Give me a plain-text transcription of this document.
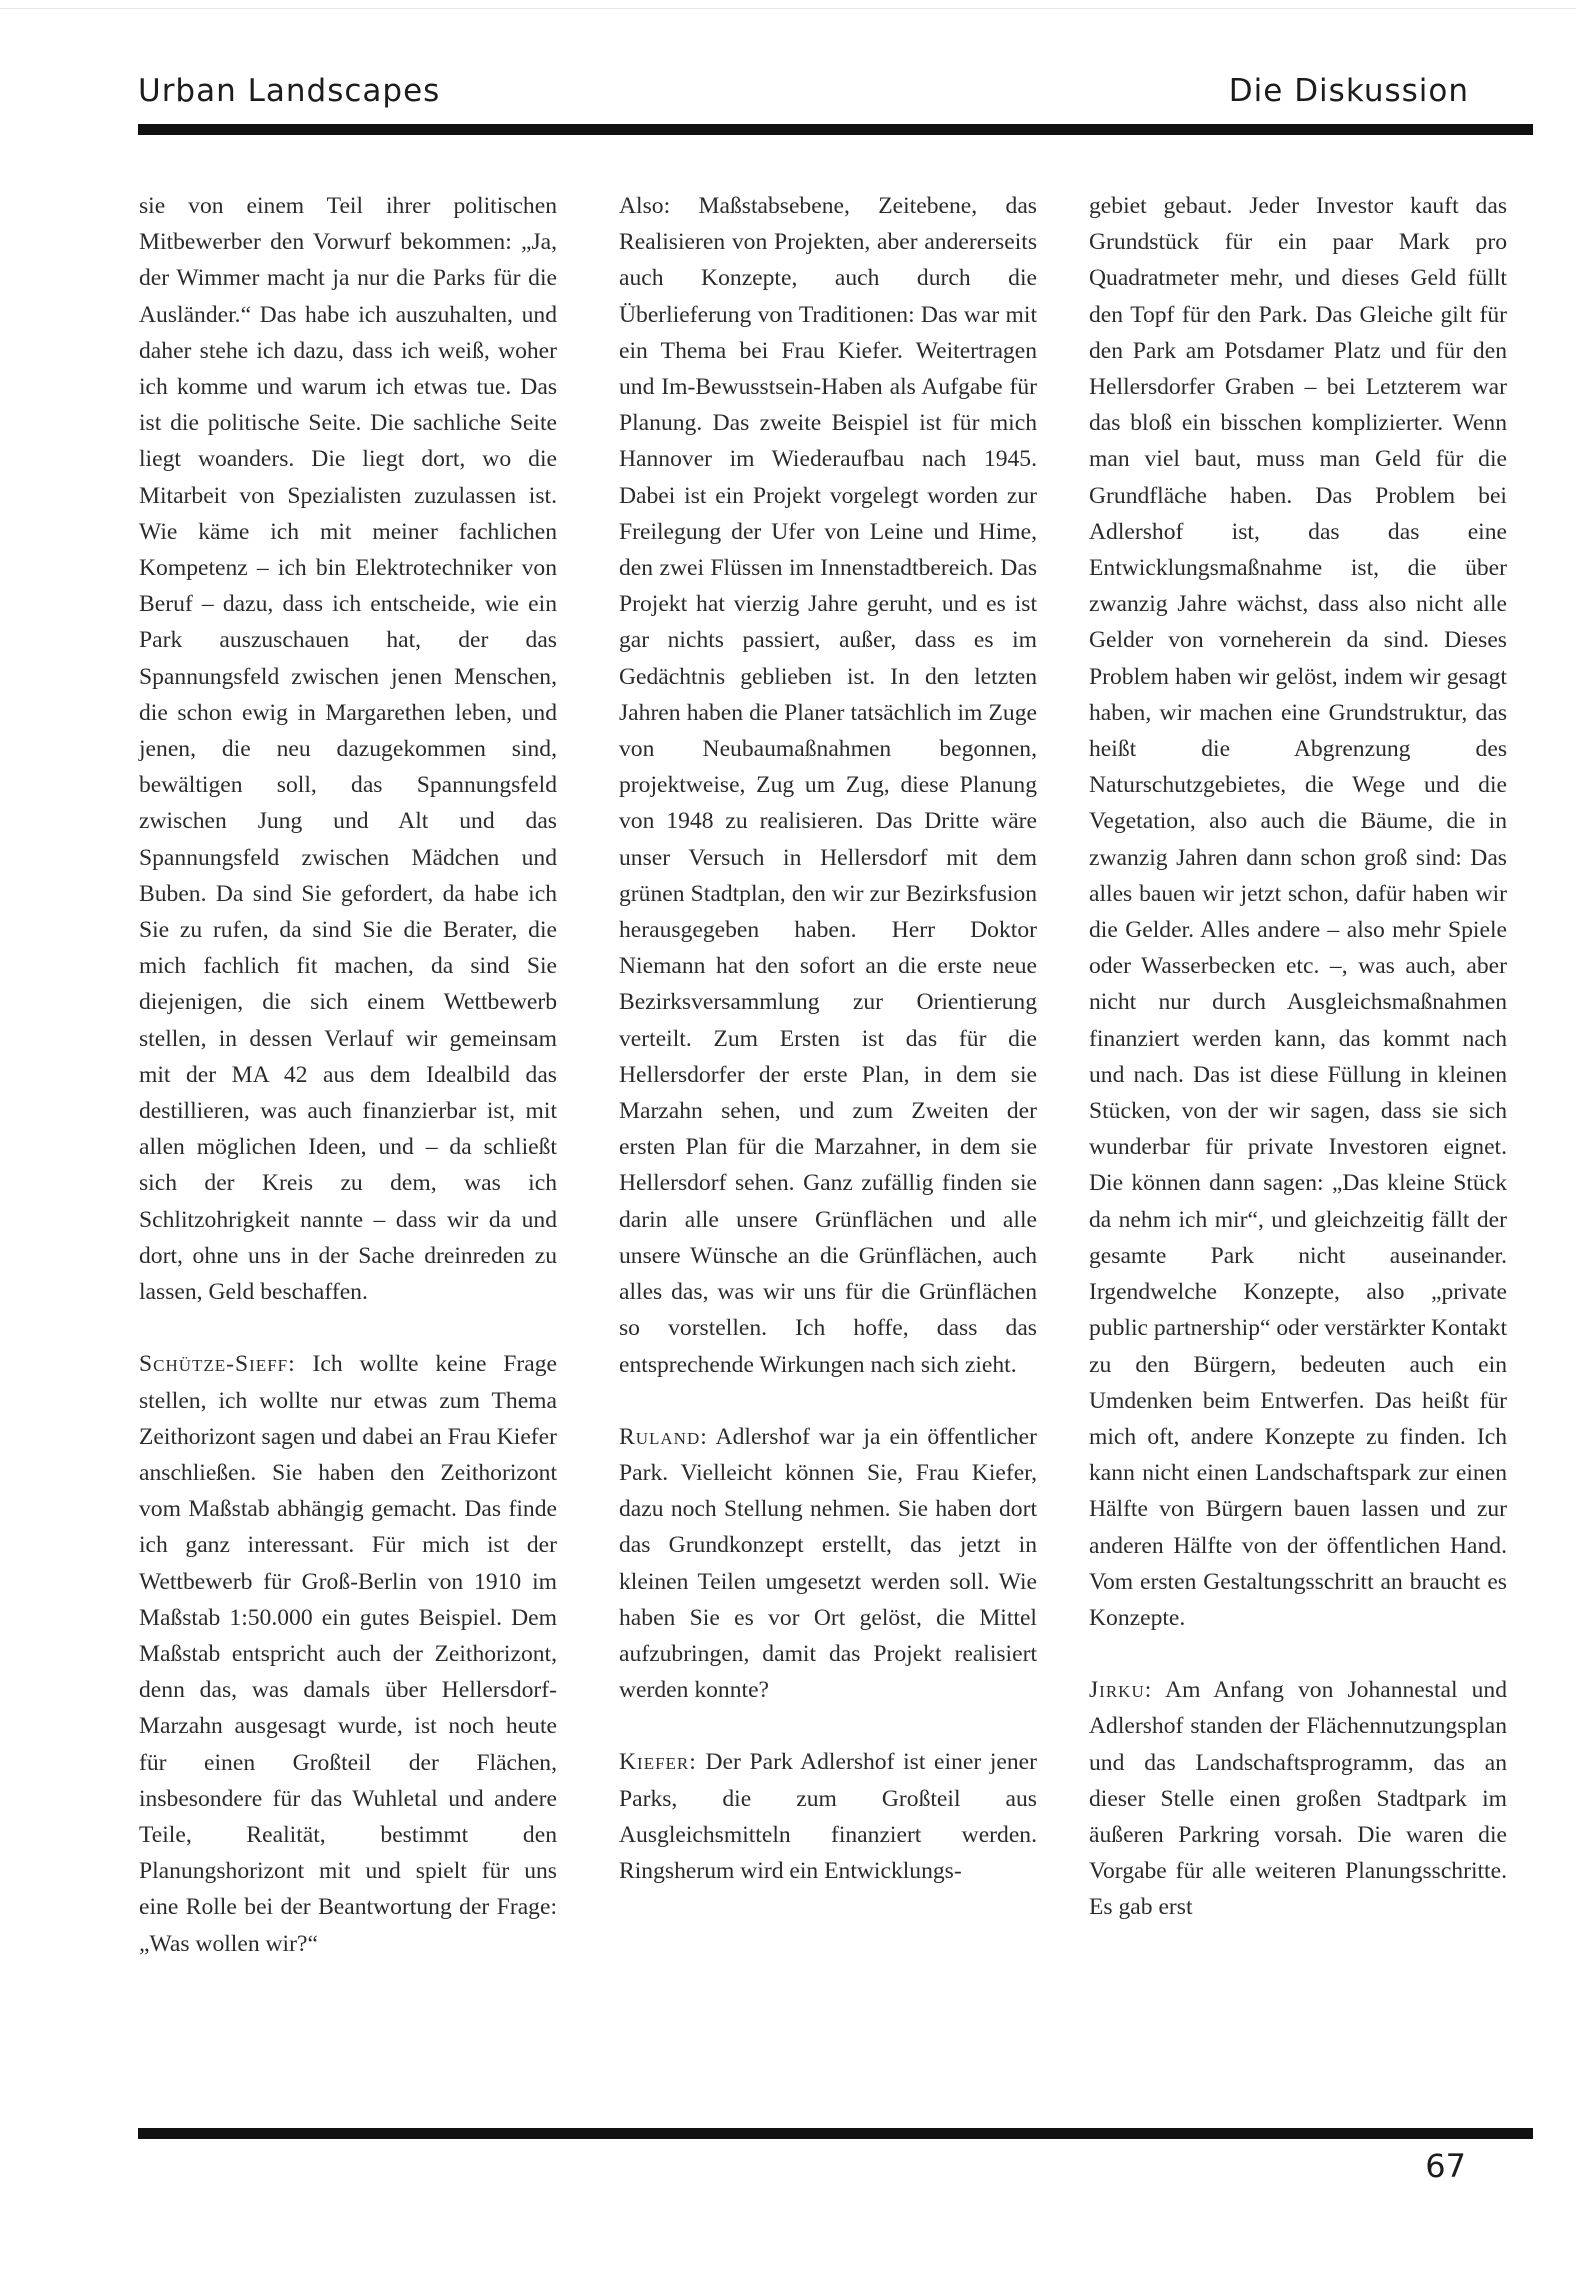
Urban Landscapes	Die Diskussion

sie von einem Teil ihrer politischen Mitbewerber den Vorwurf bekommen: „Ja, der Wimmer macht ja nur die Parks für die Ausländer.“ Das habe ich auszuhalten, und daher stehe ich dazu, dass ich weiß, woher ich komme und warum ich etwas tue. Das ist die politische Seite. Die sachliche Seite liegt woanders. Die liegt dort, wo die Mitarbeit von Spezialisten zuzulassen ist. Wie käme ich mit meiner fachlichen Kompetenz – ich bin Elektrotechniker von Beruf – dazu, dass ich entscheide, wie ein Park auszuschauen hat, der das Spannungsfeld zwischen jenen Menschen, die schon ewig in Margarethen leben, und jenen, die neu dazugekommen sind, bewältigen soll, das Spannungsfeld zwischen Jung und Alt und das Spannungsfeld zwischen Mädchen und Buben. Da sind Sie gefordert, da habe ich Sie zu rufen, da sind Sie die Berater, die mich fachlich fit machen, da sind Sie diejenigen, die sich einem Wettbewerb stellen, in dessen Verlauf wir gemeinsam mit der MA 42 aus dem Idealbild das destillieren, was auch finanzierbar ist, mit allen möglichen Ideen, und – da schließt sich der Kreis zu dem, was ich Schlitzohrigkeit nannte – dass wir da und dort, ohne uns in der Sache dreinreden zu lassen, Geld beschaffen.

Schütze-Sieff: Ich wollte keine Frage stellen, ich wollte nur etwas zum Thema Zeithorizont sagen und dabei an Frau Kiefer anschließen. Sie haben den Zeithorizont vom Maßstab abhängig gemacht. Das finde ich ganz interessant. Für mich ist der Wettbewerb für Groß-Berlin von 1910 im Maßstab 1:50.000 ein gutes Beispiel. Dem Maßstab entspricht auch der Zeithorizont, denn das, was damals über Hellersdorf-Marzahn ausgesagt wurde, ist noch heute für einen Großteil der Flächen, insbesondere für das Wuhletal und andere Teile, Realität, bestimmt den Planungshorizont mit und spielt für uns eine Rolle bei der Beantwortung der Frage: „Was wollen wir?“

Also: Maßstabsebene, Zeitebene, das Realisieren von Projekten, aber andererseits auch Konzepte, auch durch die Überlieferung von Traditionen: Das war mit ein Thema bei Frau Kiefer. Weitertragen und Im-Bewusstsein-Haben als Aufgabe für Planung. Das zweite Beispiel ist für mich Hannover im Wiederaufbau nach 1945. Dabei ist ein Projekt vorgelegt worden zur Freilegung der Ufer von Leine und Hime, den zwei Flüssen im Innenstadtbereich. Das Projekt hat vierzig Jahre geruht, und es ist gar nichts passiert, außer, dass es im Gedächtnis geblieben ist. In den letzten Jahren haben die Planer tatsächlich im Zuge von Neubaumaßnahmen begonnen, projektweise, Zug um Zug, diese Planung von 1948 zu realisieren. Das Dritte wäre unser Versuch in Hellersdorf mit dem grünen Stadtplan, den wir zur Bezirksfusion herausgegeben haben. Herr Doktor Niemann hat den sofort an die erste neue Bezirksversammlung zur Orientierung verteilt. Zum Ersten ist das für die Hellersdorfer der erste Plan, in dem sie Marzahn sehen, und zum Zweiten der ersten Plan für die Marzahner, in dem sie Hellersdorf sehen. Ganz zufällig finden sie darin alle unsere Grünflächen und alle unsere Wünsche an die Grünflächen, auch alles das, was wir uns für die Grünflächen so vorstellen. Ich hoffe, dass das entsprechende Wirkungen nach sich zieht.

Ruland: Adlershof war ja ein öffentlicher Park. Vielleicht können Sie, Frau Kiefer, dazu noch Stellung nehmen. Sie haben dort das Grundkonzept erstellt, das jetzt in kleinen Teilen umgesetzt werden soll. Wie haben Sie es vor Ort gelöst, die Mittel aufzubringen, damit das Projekt realisiert werden konnte?

Kiefer: Der Park Adlershof ist einer jener Parks, die zum Großteil aus Ausgleichsmitteln finanziert werden. Ringsherum wird ein Entwicklungs-

gebiet gebaut. Jeder Investor kauft das Grundstück für ein paar Mark pro Quadratmeter mehr, und dieses Geld füllt den Topf für den Park. Das Gleiche gilt für den Park am Potsdamer Platz und für den Hellersdorfer Graben – bei Letzterem war das bloß ein bisschen komplizierter. Wenn man viel baut, muss man Geld für die Grundfläche haben. Das Problem bei Adlershof ist, das das eine Entwicklungsmaßnahme ist, die über zwanzig Jahre wächst, dass also nicht alle Gelder von vorneherein da sind. Dieses Problem haben wir gelöst, indem wir gesagt haben, wir machen eine Grundstruktur, das heißt die Abgrenzung des Naturschutzgebietes, die Wege und die Vegetation, also auch die Bäume, die in zwanzig Jahren dann schon groß sind: Das alles bauen wir jetzt schon, dafür haben wir die Gelder. Alles andere – also mehr Spiele oder Wasserbecken etc. –, was auch, aber nicht nur durch Ausgleichsmaßnahmen finanziert werden kann, das kommt nach und nach. Das ist diese Füllung in kleinen Stücken, von der wir sagen, dass sie sich wunderbar für private Investoren eignet. Die können dann sagen: „Das kleine Stück da nehm ich mir“, und gleichzeitig fällt der gesamte Park nicht auseinander. Irgendwelche Konzepte, also „private public partnership“ oder verstärkter Kontakt zu den Bürgern, bedeuten auch ein Umdenken beim Entwerfen. Das heißt für mich oft, andere Konzepte zu finden. Ich kann nicht einen Landschaftspark zur einen Hälfte von Bürgern bauen lassen und zur anderen Hälfte von der öffentlichen Hand. Vom ersten Gestaltungsschritt an braucht es Konzepte.

Jirku: Am Anfang von Johannestal und Adlershof standen der Flächennutzungsplan und das Landschaftsprogramm, das an dieser Stelle einen großen Stadtpark im äußeren Parkring vorsah. Die waren die Vorgabe für alle weiteren Planungsschritte. Es gab erst

67
